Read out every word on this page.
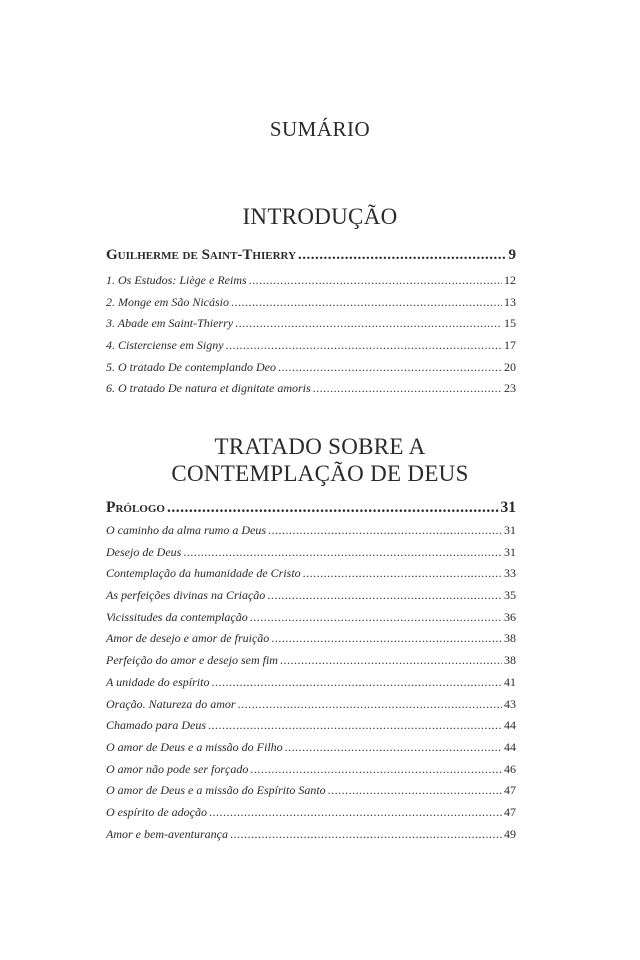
SUMÁRIO
INTRODUÇÃO
Guilherme de Saint-Thierry .....	9
1. Os Estudos: Liège e Reims .....	12
2. Monge em São Nicásio .....	13
3. Abade em Saint-Thierry .....	15
4. Cisterciense em Signy .....	17
5. O tratado De contemplando Deo .....	20
6. O tratado De natura et dignitate amoris .....	23
TRATADO SOBRE A
CONTEMPLAÇÃO DE DEUS
Prólogo .....	31
O caminho da alma rumo a Deus .....	31
Desejo de Deus .....	31
Contemplação da humanidade de Cristo .....	33
As perfeições divinas na Criação .....	35
Vicissitudes da contemplação .....	36
Amor de desejo e amor de fruição .....	38
Perfeição do amor e desejo sem fim .....	38
A unidade do espírito .....	41
Oração. Natureza do amor .....	43
Chamado para Deus .....	44
O amor de Deus e a missão do Filho .....	44
O amor não pode ser forçado .....	46
O amor de Deus e a missão do Espírito Santo .....	47
O espírito de adoção .....	47
Amor e bem-aventurança .....	49
